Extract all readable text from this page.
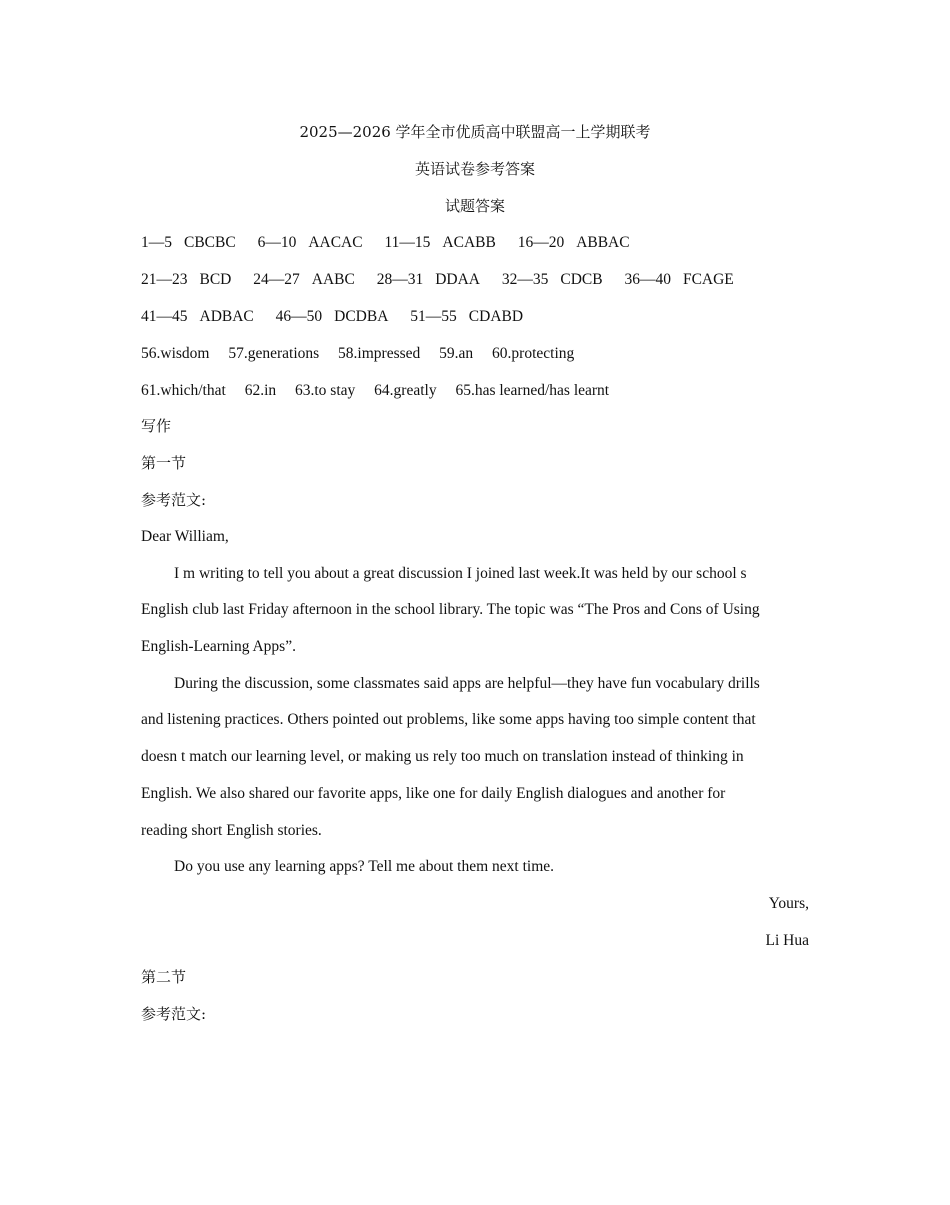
2025—2026 学年全市优质高中联盟高一上学期联考
英语试卷参考答案
试题答案
1—5 CBCBC 6—10 AACAC 11—15 ACABB 16—20 ABBAC
21—23 BCD 24—27 AABC 28—31 DDAA 32—35 CDCB 36—40 FCAGE
41—45 ADBAC 46—50 DCDBA 51—55 CDABD
56.wisdom 57.generations 58.impressed 59.an 60.protecting
61.which/that 62.in 63.to stay 64.greatly 65.has learned/has learnt
写作
第一节
参考范文:
Dear William,
I m writing to tell you about a great discussion I joined last week.It was held by our school s
English club last Friday afternoon in the school library. The topic was “The Pros and Cons of Using
English-Learning Apps”.
During the discussion, some classmates said apps are helpful—they have fun vocabulary drills
and listening practices. Others pointed out problems, like some apps having too simple content that
doesn t match our learning level, or making us rely too much on translation instead of thinking in
English. We also shared our favorite apps, like one for daily English dialogues and another for
reading short English stories.
Do you use any learning apps? Tell me about them next time.
Yours,
Li Hua
第二节
参考范文:
